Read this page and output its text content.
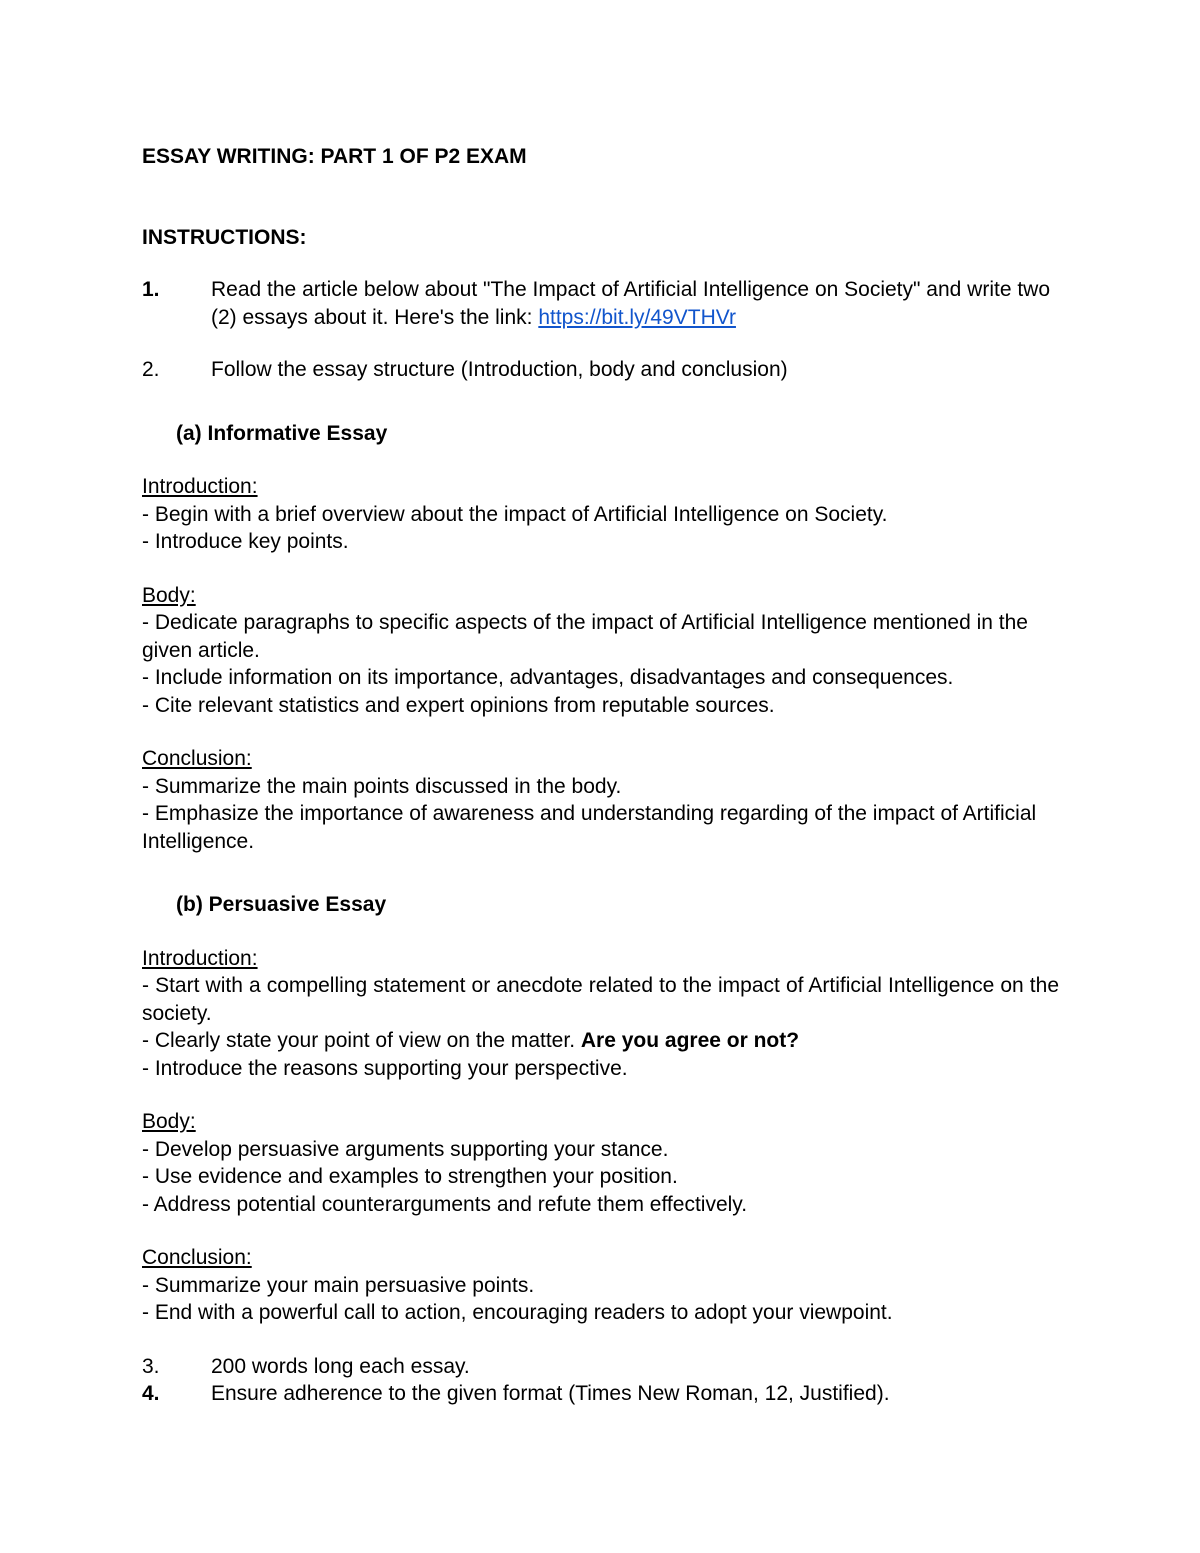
ESSAY WRITING: PART 1 OF P2 EXAM

INSTRUCTIONS:

1.	Read the article below about "The Impact of Artificial Intelligence on Society" and write two (2) essays about it. Here's the link: https://bit.ly/49VTHVr
2.	Follow the essay structure (Introduction, body and conclusion)

(a) Informative Essay

Introduction:
- Begin with a brief overview about the impact of Artificial Intelligence on Society.
- Introduce key points.
Body:
- Dedicate paragraphs to specific aspects of the impact of Artificial Intelligence mentioned in the given article.
- Include information on its importance, advantages, disadvantages and consequences.
- Cite relevant statistics and expert opinions from reputable sources.
Conclusion:
- Summarize the main points discussed in the body.
- Emphasize the importance of awareness and understanding regarding of the impact of Artificial Intelligence.

(b) Persuasive Essay

Introduction:
- Start with a compelling statement or anecdote related to the impact of Artificial Intelligence on the society.
- Clearly state your point of view on the matter. Are you agree or not?
- Introduce the reasons supporting your perspective.
Body:
- Develop persuasive arguments supporting your stance.
- Use evidence and examples to strengthen your position.
- Address potential counterarguments and refute them effectively.
Conclusion:
- Summarize your main persuasive points.
- End with a powerful call to action, encouraging readers to adopt your viewpoint.
3.	200 words long each essay.
4.	Ensure adherence to the given format (Times New Roman, 12, Justified).
